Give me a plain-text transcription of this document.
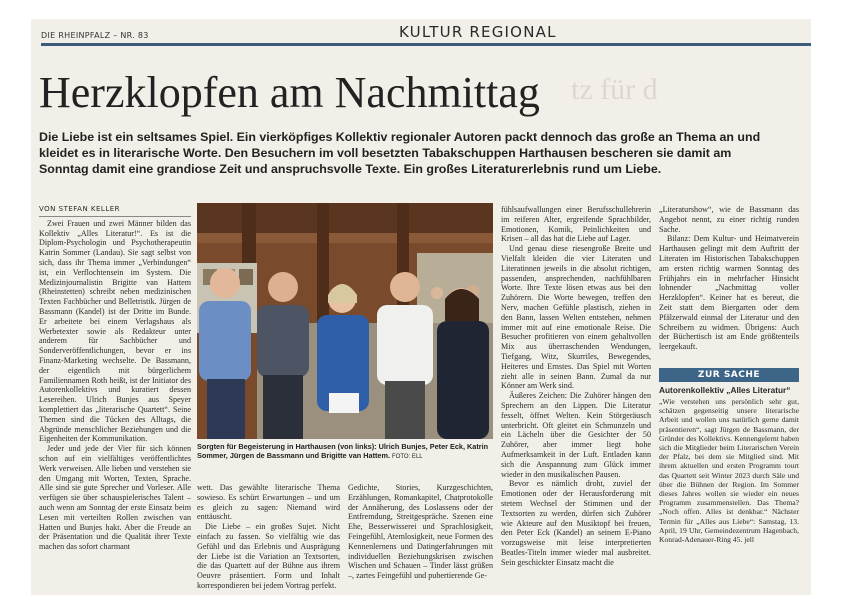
DIE RHEINPFALZ – NR. 83	KULTUR REGIONAL
tz für d
Herzklopfen am Nachmittag
Die Liebe ist ein seltsames Spiel. Ein vierköpfiges Kollektiv regionaler Autoren packt dennoch das große an Thema an und kleidet es in literarische Worte. Den Besuchern im voll besetzten Tabakschuppen Harthausen bescheren sie damit am Sonntag damit eine grandiose Zeit und anspruchsvolle Texte. Ein großes Literaturerlebnis rund um Liebe.

VON STEFAN KELLER

Zwei Frauen und zwei Männer bilden das Kollektiv „Alles Literatur!“. Es ist die Diplom-Psychologin und Psychotherapeutin Katrin Sommer (Landau). Sie sagt selbst von sich, dass ihr Thema immer „Verbindungen“ ist, ein Verflochtensein im System. Die Medizinjournalistin Brigitte van Hattem (Rheinstetten) schreibt neben medizinischen Texten Fachbücher und Belletristik. Jürgen de Bassmann (Kandel) ist der Dritte im Bunde. Er arbeitete bei einem Verlagshaus als Werbetexter sowie als Redakteur unter anderem für Sachbücher und Sonderveröffentlichungen, bevor er ins Finanz-Marketing wechselte. De Bassmann, der eigentlich mit bürgerlichem Familiennamen Roth heißt, ist der Initiator des Autorenkollektivs und kuratiert dessen Lesereihen. Ulrich Bunjes aus Speyer komplettiert das „literarische Quartett“. Seine Themen sind die Tücken des Alltags, die Abgründe menschlicher Beziehungen und die Eigenheiten der Kommunikation.

Jeder und jede der Vier für sich können schon auf ein vielfältiges veröffentlichtes Werk verweisen. Alle lieben und verstehen sie den Umgang mit Worten, Texten, Sprache. Alle sind sie gute Sprecher und Vorleser. Alle verfügen sie über schauspielerisches Talent – auch wenn am Sonntag der erste Einsatz beim Lesen mit verteilten Rollen zwischen van Hatten und Bunjes hakt. Aber die Freude an der Präsentation und die Qualität ihrer Texte machen das sofort charmant

Sorgten für Begeisterung in Harthausen (von links): Ulrich Bunjes, Peter Eck, Katrin Sommer, Jürgen de Bassmann und Brigitte van Hattem. FOTO: ELL

wett. Das gewählte literarische Thema sowieso. Es schürt Erwartungen – und um es gleich zu sagen: Niemand wird enttäuscht.

Die Liebe – ein großes Sujet. Nicht einfach zu fassen. So vielfältig wie das Gefühl und das Erlebnis und Ausprägung der Liebe ist die Variation an Textsorten, die das Quartett auf der Bühne aus ihrem Oeuvre präsentiert. Form und Inhalt korrespondieren bei jedem Vortrag perfekt.

Gedichte, Stories, Kurzgeschichten, Erzählungen, Romankapitel, Chatprotokolle der Annäherung, des Loslassens oder der Entfremdung, Streitgespräche. Szenen eine Ehe, Besserwisserei und Sprachlosigkeit, Feingefühl, Atemlosigkeit, neue Formen des Kennenlernens und Datingerfahrungen mit individuellen Beziehungskrisen zwischen Wischen und Schauen – Tinder lässt grüßen –, zartes Feingefühl und pubertierende Ge-

fühlsaufwallungen einer Berufsschullehrerin im reiferen Alter, ergreifende Sprachbilder, Emotionen, Komik, Peinlichkeiten und Krisen – all das hat die Liebe auf Lager.

Und genau diese riesengroße Breite und Vielfalt kleiden die vier Literaten und Literatinnen jeweils in die absolut richtigen, passenden, ansprechenden, nachfühlbaren Worte. Ihre Texte lösen etwas aus bei den Zuhörern. Die Worte bewegen, treffen den Nerv, machen Gefühle plastisch, ziehen in den Bann, lassen Welten entstehen, nehmen immer mit auf eine emotionale Reise. Die Besucher profitieren von einem gehaltvollen Mix aus überraschenden Wendungen, Tiefgang, Witz, Skurriles, Bewegendes, Heiteres und Ernstes. Das Spiel mit Worten zieht alle in seinen Bann. Zumal da nur Könner am Werk sind.

Äußeres Zeichen: Die Zuhörer hängen den Sprechern an den Lippen. Die Literatur fesselt, öffnet Welten. Kein Störgeräusch unterbricht. Oft gleitet ein Schmunzeln und ein Lächeln über die Gesichter der 50 Zuhörer, aber immer liegt hohe Aufmerksamkeit in der Luft. Entladen kann sich die Anspannung zum Glück immer wieder in den musikalischen Pausen.

Bevor es nämlich droht, zuviel der Emotionen oder der Herausforderung mit stetem Wechsel der Stimmen und der Textsorten zu werden, dürfen sich Zuhörer wie Akteure auf den Musiktopf bei freuen, den Peter Eck (Kandel) an seinem E-Piano vorzugsweise mit leise interpretierten Beatles-Titeln immer wieder mal ausbreitet. Sein geschickter Einsatz macht die

„Literaturshow“, wie de Bassmann das Angebot nennt, zu einer richtig runden Sache.

Bilanz: Dem Kultur- und Heimatverein Harthausen gelingt mit dem Auftritt der Literaten im Historischen Tabakschuppen am ersten richtig warmen Sonntag des Frühjahrs ein in mehrfacher Hinsicht lohnender „Nachmittag voller Herzklopfen“. Keiner hat es bereut, die Zeit statt dem Biergarten oder dem Pfälzerwald einmal der Literatur und den Schreibern zu widmen. Übrigens: Auch der Büchertisch ist am Ende größtenteils leergekauft.

ZUR SACHE
Autorenkollektiv „Alles Literatur“
„Wie verstehen uns persönlich sehr gut, schätzen gegenseitig unsere literarische Arbeit und wollen uns natürlich gerne damit präsentieren“, sagt Jürgen de Bassmann, der Gründer des Kollektivs. Kennengelernt haben sich die Mitglieder beim Literarischen Verein der Pfalz, bei dem sie Mitglied sind. Mit ihrem aktuellen und ersten Programm tourt das Quartett seit Winter 2023 durch Säle und über die Bühnen der Region. Im Sommer dieses Jahres wollen sie wieder ein neues Programm zusammenstellen. Das Thema? „Noch offen. Alles ist denkbar.“ Nächster Termin für „Alles aus Liebe“: Samstag, 13. April, 19 Uhr, Gemeindezentrum Hagenbach, Konrad-Adenauer-Ring 45. jell
